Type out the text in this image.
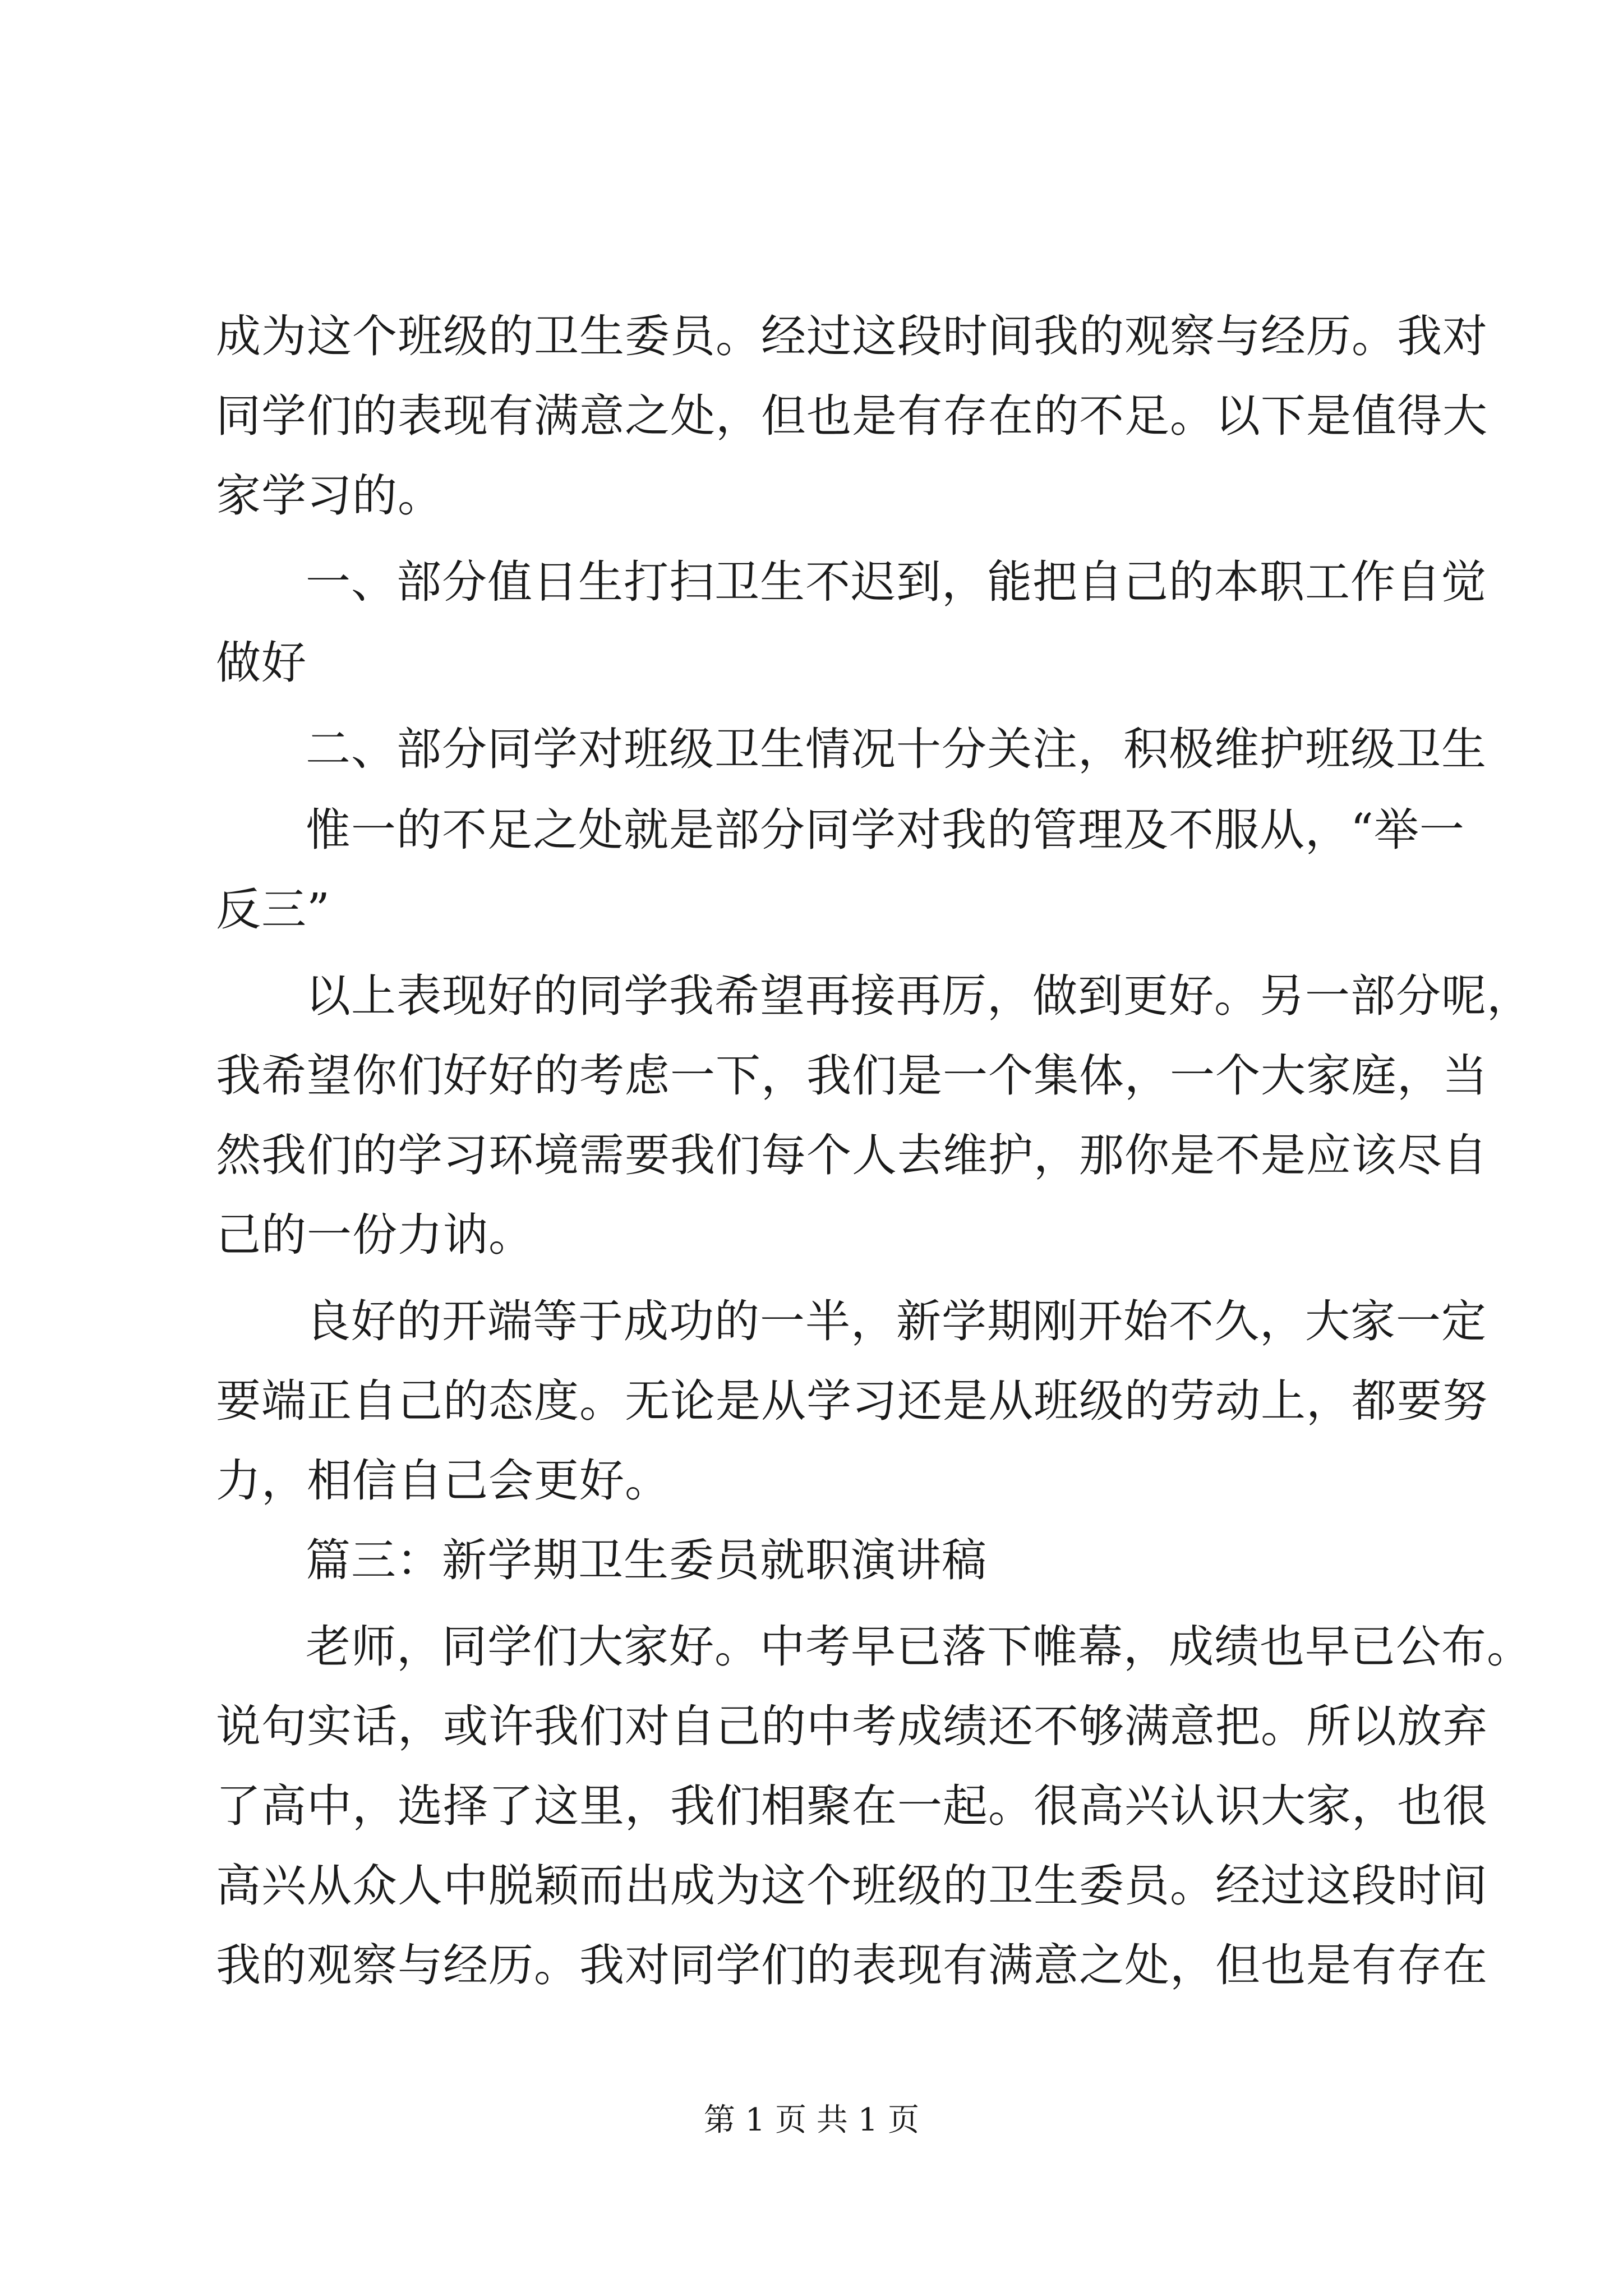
成为这个班级的卫生委员。经过这段时间我的观察与经历。我对

同学们的表现有满意之处，但也是有存在的不足。以下是值得大

家学习的。

一、部分值日生打扫卫生不迟到，能把自己的本职工作自觉

做好

二、部分同学对班级卫生情况十分关注，积极维护班级卫生

惟一的不足之处就是部分同学对我的管理及不服从，“举一

反三”

以上表现好的同学我希望再接再厉，做到更好。另一部分呢，

我希望你们好好的考虑一下，我们是一个集体，一个大家庭，当

然我们的学习环境需要我们每个人去维护，那你是不是应该尽自

己的一份力讷。

良好的开端等于成功的一半，新学期刚开始不久，大家一定

要端正自己的态度。无论是从学习还是从班级的劳动上，都要努

力，相信自己会更好。

篇三：新学期卫生委员就职演讲稿

老师，同学们大家好。中考早已落下帷幕，成绩也早已公布。

说句实话，或许我们对自己的中考成绩还不够满意把。所以放弃

了高中，选择了这里，我们相聚在一起。很高兴认识大家，也很

高兴从众人中脱颖而出成为这个班级的卫生委员。经过这段时间

我的观察与经历。我对同学们的表现有满意之处，但也是有存在

第 1 页 共 1 页
